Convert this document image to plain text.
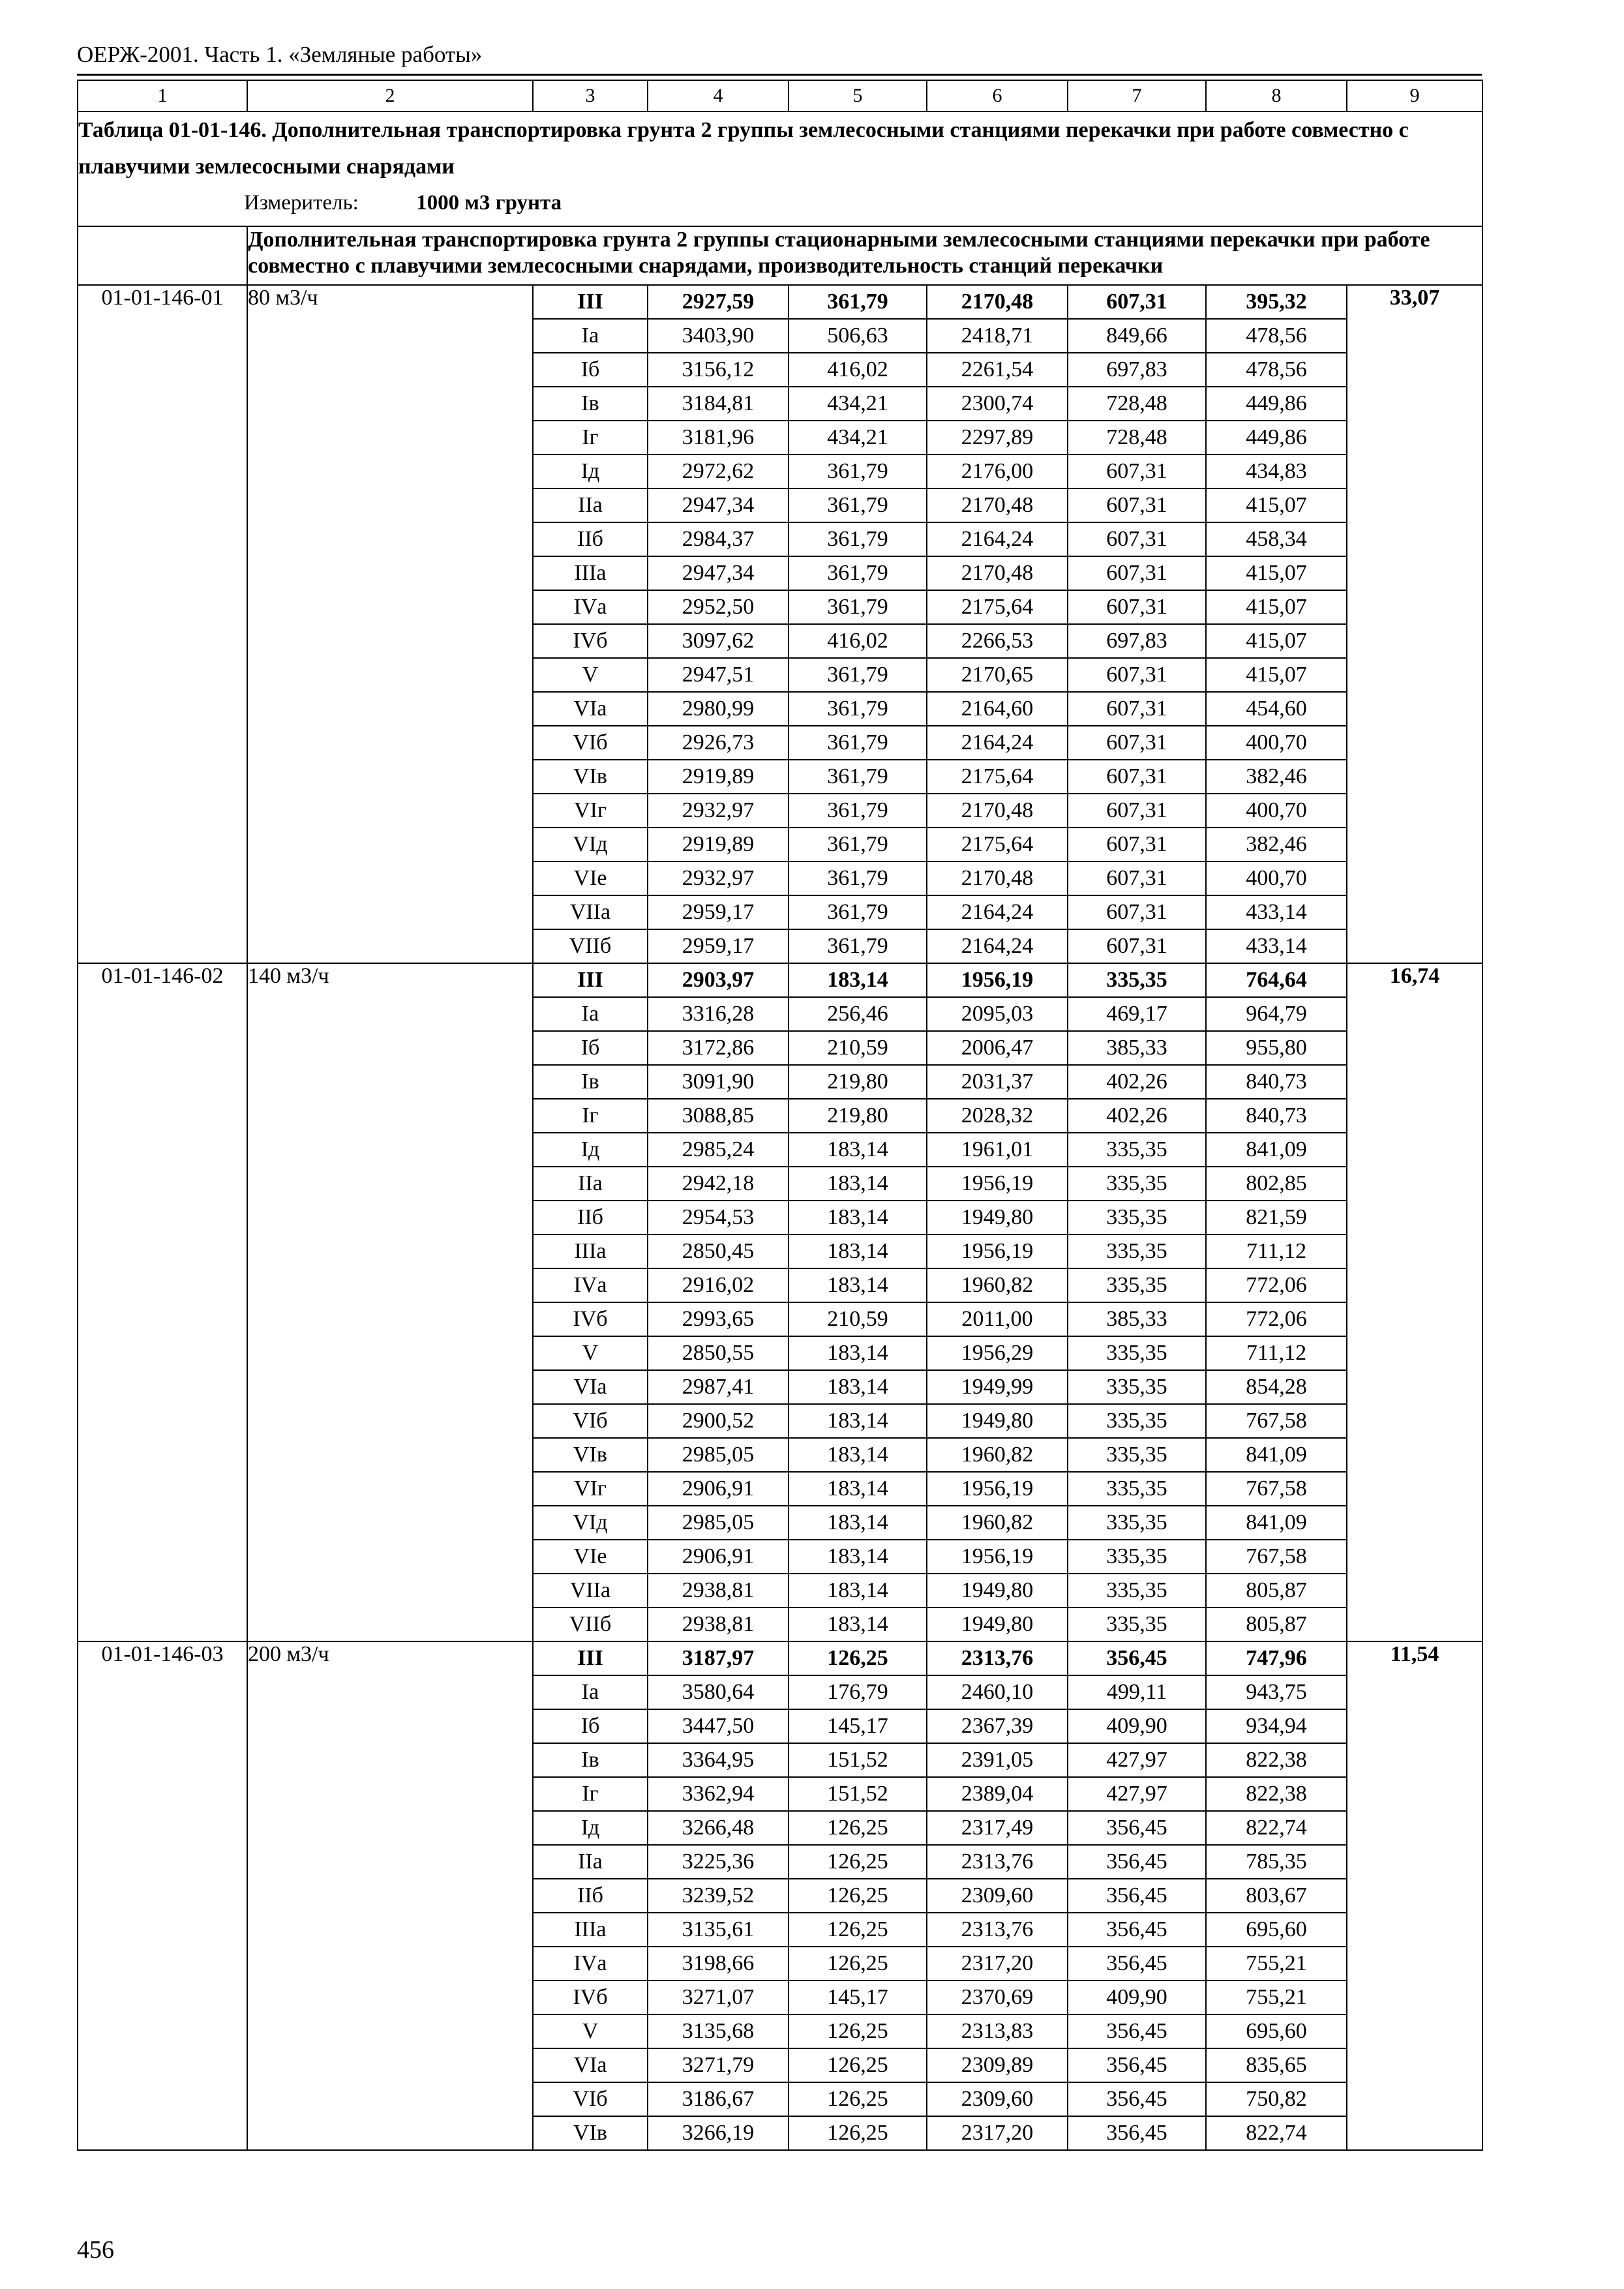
ОЕРЖ-2001. Часть 1. «Земляные работы»
1	2	3	4	5	6	7	8	9

Таблица 01-01-146. Дополнительная транспортировка грунта 2 группы землесосными станциями перекачки при работе совместно с плавучими землесосными снарядами
Измеритель: 1000 м3 грунта								

	Дополнительная транспортировка грунта 2 группы стационарными землесосными станциями перекачки при работе совместно с плавучими землесосными снарядами, производительность станций перекачки							
01-01-146-01	80 м3/ч	III	2927,59	361,79	2170,48	607,31	395,32	33,07
		Iа	3403,90	506,63	2418,71	849,66	478,56	
		Iб	3156,12	416,02	2261,54	697,83	478,56	
		Iв	3184,81	434,21	2300,74	728,48	449,86	
		Iг	3181,96	434,21	2297,89	728,48	449,86	
		Iд	2972,62	361,79	2176,00	607,31	434,83	
		IIа	2947,34	361,79	2170,48	607,31	415,07	
		IIб	2984,37	361,79	2164,24	607,31	458,34	
		IIIа	2947,34	361,79	2170,48	607,31	415,07	
		IVа	2952,50	361,79	2175,64	607,31	415,07	
		IVб	3097,62	416,02	2266,53	697,83	415,07	
		V	2947,51	361,79	2170,65	607,31	415,07	
		VIа	2980,99	361,79	2164,60	607,31	454,60	
		VIб	2926,73	361,79	2164,24	607,31	400,70	
		VIв	2919,89	361,79	2175,64	607,31	382,46	
		VIг	2932,97	361,79	2170,48	607,31	400,70	
		VIд	2919,89	361,79	2175,64	607,31	382,46	
		VIе	2932,97	361,79	2170,48	607,31	400,70	
		VIIа	2959,17	361,79	2164,24	607,31	433,14	
		VIIб	2959,17	361,79	2164,24	607,31	433,14	
01-01-146-02	140 м3/ч	III	2903,97	183,14	1956,19	335,35	764,64	16,74
		Iа	3316,28	256,46	2095,03	469,17	964,79	
		Iб	3172,86	210,59	2006,47	385,33	955,80	
		Iв	3091,90	219,80	2031,37	402,26	840,73	
		Iг	3088,85	219,80	2028,32	402,26	840,73	
		Iд	2985,24	183,14	1961,01	335,35	841,09	
		IIа	2942,18	183,14	1956,19	335,35	802,85	
		IIб	2954,53	183,14	1949,80	335,35	821,59	
		IIIа	2850,45	183,14	1956,19	335,35	711,12	
		IVа	2916,02	183,14	1960,82	335,35	772,06	
		IVб	2993,65	210,59	2011,00	385,33	772,06	
		V	2850,55	183,14	1956,29	335,35	711,12	
		VIа	2987,41	183,14	1949,99	335,35	854,28	
		VIб	2900,52	183,14	1949,80	335,35	767,58	
		VIв	2985,05	183,14	1960,82	335,35	841,09	
		VIг	2906,91	183,14	1956,19	335,35	767,58	
		VIд	2985,05	183,14	1960,82	335,35	841,09	
		VIе	2906,91	183,14	1956,19	335,35	767,58	
		VIIа	2938,81	183,14	1949,80	335,35	805,87	
		VIIб	2938,81	183,14	1949,80	335,35	805,87	
01-01-146-03	200 м3/ч	III	3187,97	126,25	2313,76	356,45	747,96	11,54
		Iа	3580,64	176,79	2460,10	499,11	943,75	
		Iб	3447,50	145,17	2367,39	409,90	934,94	
		Iв	3364,95	151,52	2391,05	427,97	822,38	
		Iг	3362,94	151,52	2389,04	427,97	822,38	
		Iд	3266,48	126,25	2317,49	356,45	822,74	
		IIа	3225,36	126,25	2313,76	356,45	785,35	
		IIб	3239,52	126,25	2309,60	356,45	803,67	
		IIIа	3135,61	126,25	2313,76	356,45	695,60	
		IVа	3198,66	126,25	2317,20	356,45	755,21	
		IVб	3271,07	145,17	2370,69	409,90	755,21	
		V	3135,68	126,25	2313,83	356,45	695,60	
		VIа	3271,79	126,25	2309,89	356,45	835,65	
		VIб	3186,67	126,25	2309,60	356,45	750,82	
		VIв	3266,19	126,25	2317,20	356,45	822,74	
456
